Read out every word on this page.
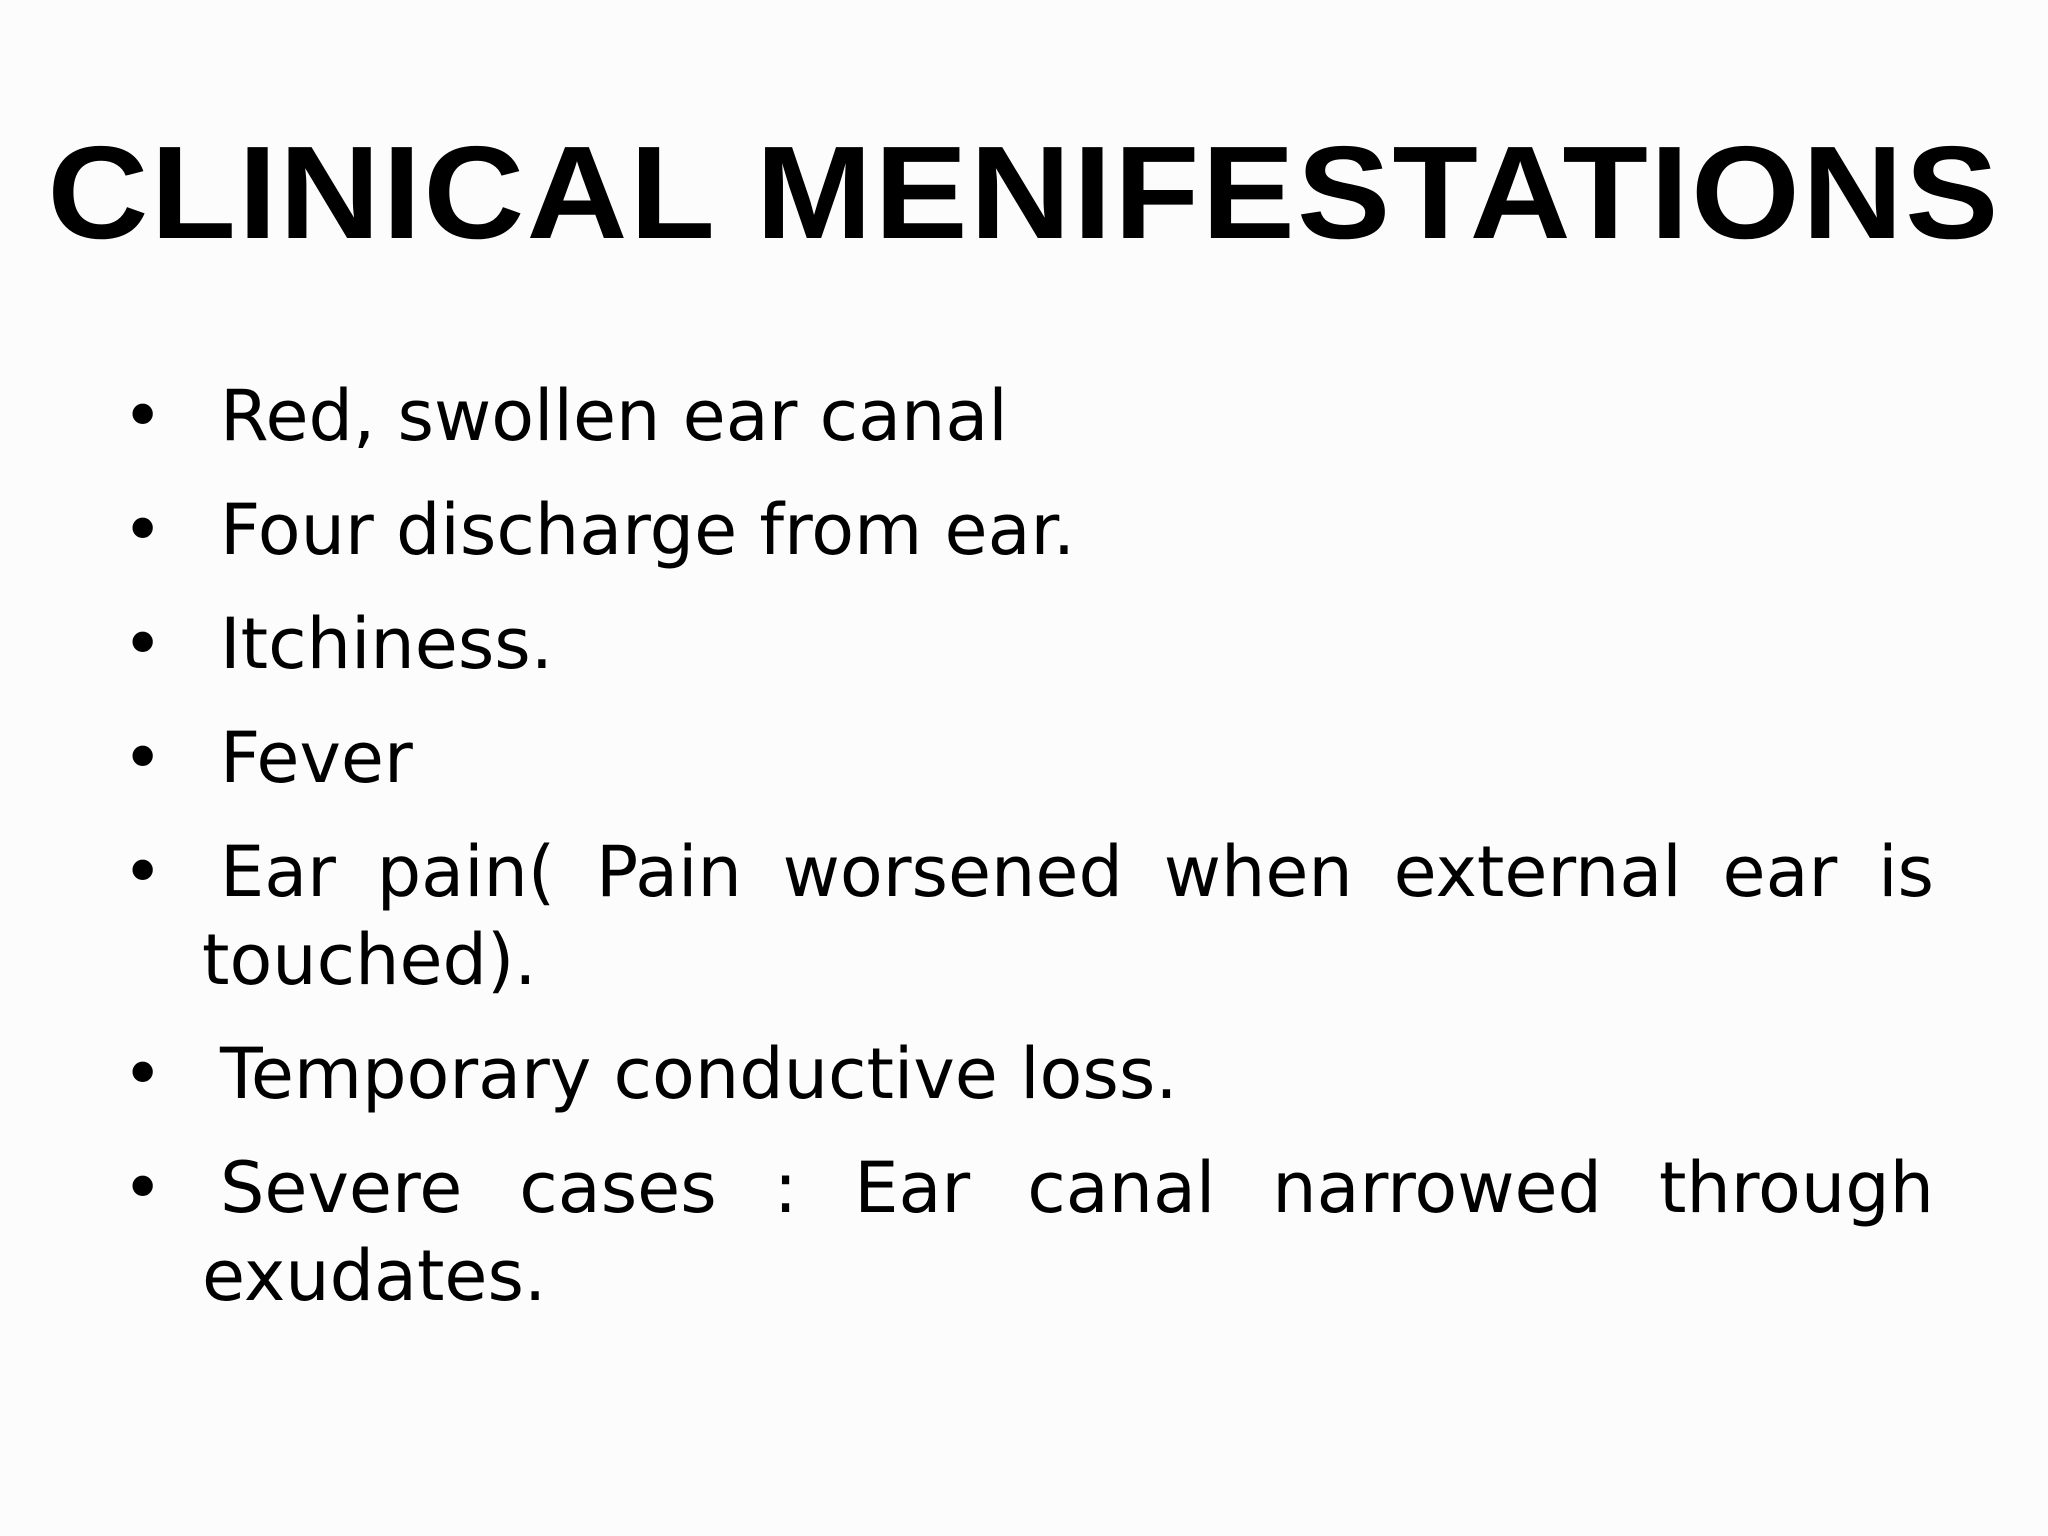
CLINICAL MENIFESTATIONS
• Red, swollen ear canal
• Four discharge from ear.
• Itchiness.
• Fever
• Ear pain( Pain worsened when external ear is touched).
• Temporary conductive loss.
• Severe cases : Ear canal narrowed through exudates.
